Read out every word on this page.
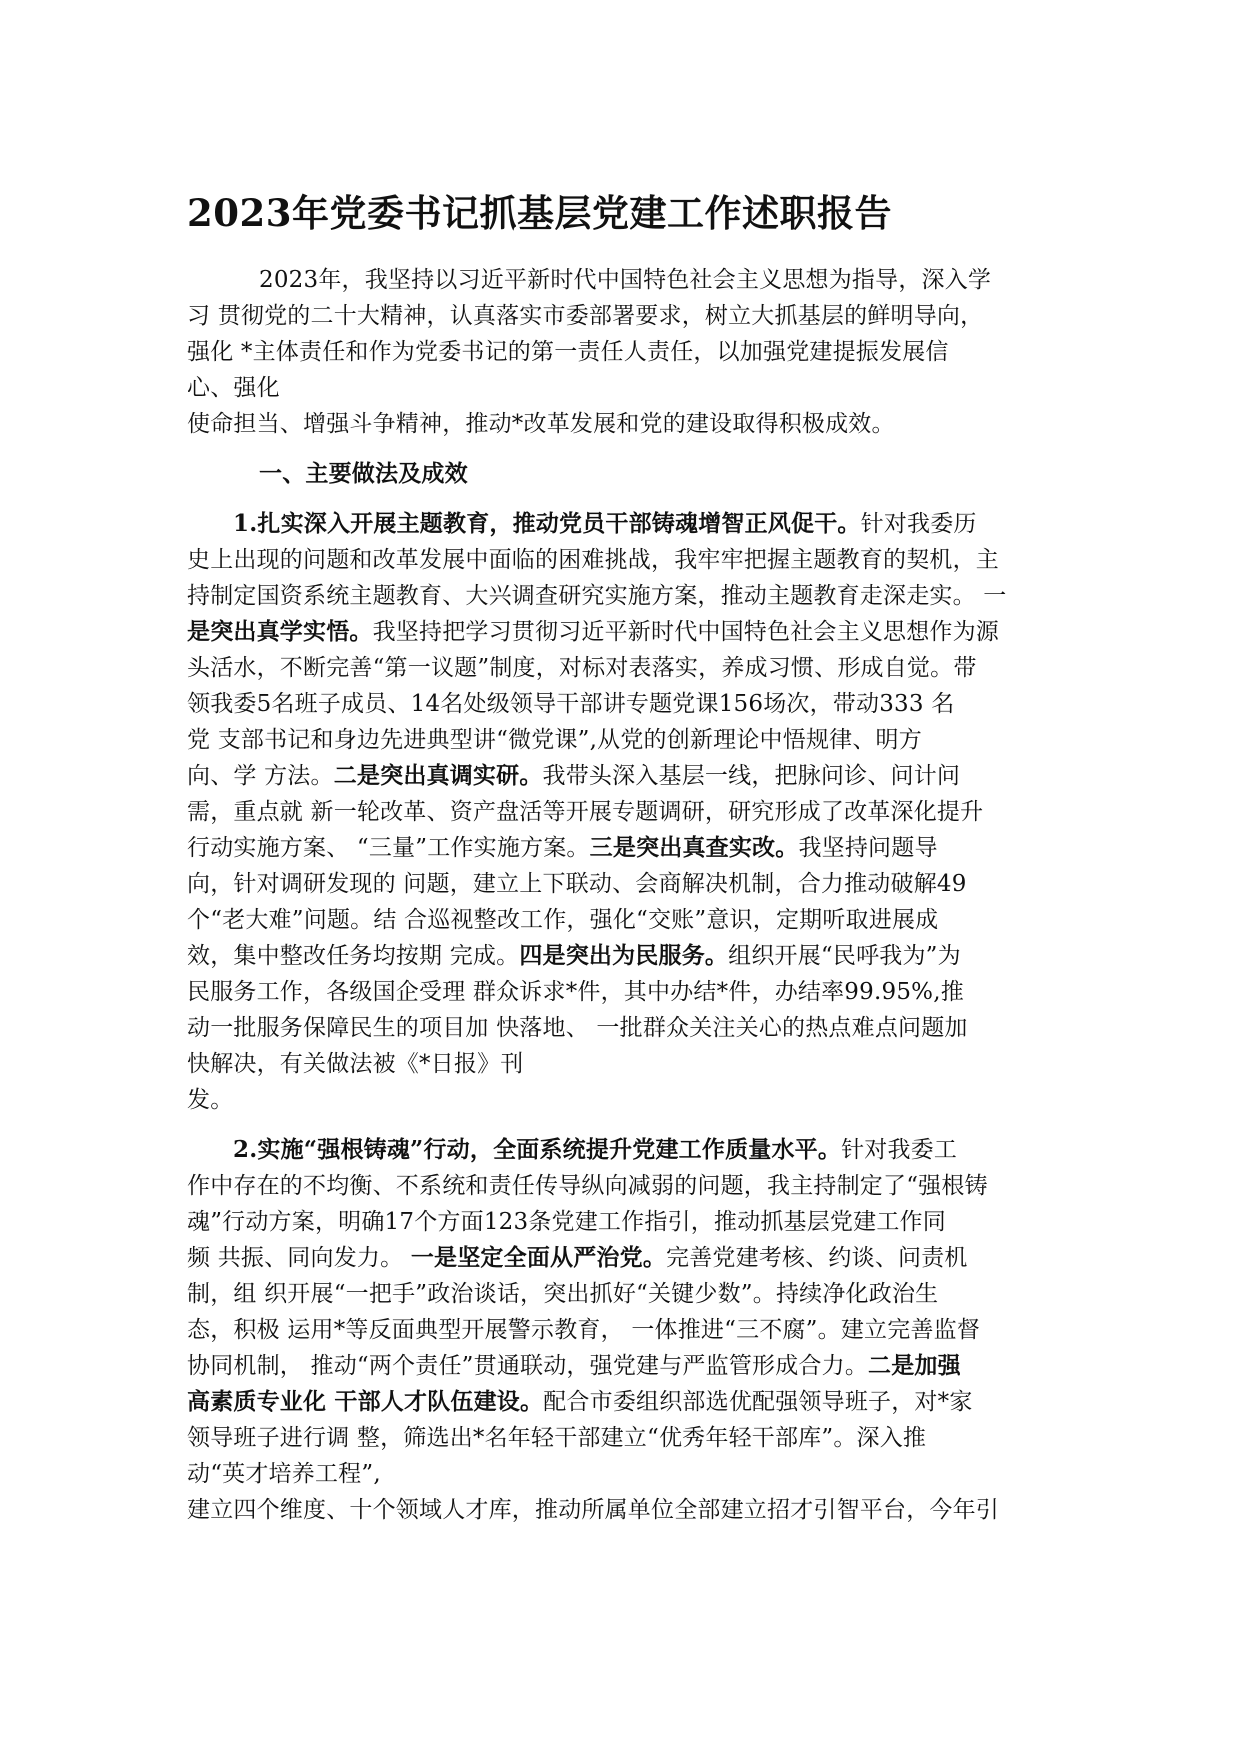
2023年党委书记抓基层党建工作述职报告
2023年，我坚持以习近平新时代中国特色社会主义思想为指导，深入学
习 贯彻党的二十大精神，认真落实市委部署要求，树立大抓基层的鲜明导向，
强化 *主体责任和作为党委书记的第一责任人责任，以加强党建提振发展信
心、强化
使命担当、增强斗争精神，推动*改革发展和党的建设取得积极成效。
一、主要做法及成效
1.扎实深入开展主题教育，推动党员干部铸魂增智正风促干。针对我委历
史上出现的问题和改革发展中面临的困难挑战，我牢牢把握主题教育的契机，主
持制定国资系统主题教育、大兴调查研究实施方案，推动主题教育走深走实。 一
是突出真学实悟。我坚持把学习贯彻习近平新时代中国特色社会主义思想作为源
头活水，不断完善“第一议题”制度，对标对表落实，养成习惯、形成自觉。带
领我委5名班子成员、14名处级领导干部讲专题党课156场次，带动333 名
党 支部书记和身边先进典型讲“微党课”,从党的创新理论中悟规律、明方
向、学 方法。二是突出真调实研。我带头深入基层一线，把脉问诊、问计问
需，重点就 新一轮改革、资产盘活等开展专题调研，研究形成了改革深化提升
行动实施方案、 “三量”工作实施方案。三是突出真查实改。我坚持问题导
向，针对调研发现的 问题，建立上下联动、会商解决机制，合力推动破解49
个“老大难”问题。结 合巡视整改工作，强化“交账”意识，定期听取进展成
效，集中整改任务均按期 完成。四是突出为民服务。组织开展“民呼我为”为
民服务工作，各级国企受理 群众诉求*件，其中办结*件，办结率99.95%,推
动一批服务保障民生的项目加 快落地、 一批群众关注关心的热点难点问题加
快解决，有关做法被《*日报》刊
发。
2.实施“强根铸魂”行动，全面系统提升党建工作质量水平。针对我委工
作中存在的不均衡、不系统和责任传导纵向减弱的问题，我主持制定了“强根铸
魂”行动方案，明确17个方面123条党建工作指引，推动抓基层党建工作同
频 共振、同向发力。 一是坚定全面从严治党。完善党建考核、约谈、问责机
制，组 织开展“一把手”政治谈话，突出抓好“关键少数”。持续净化政治生
态，积极 运用*等反面典型开展警示教育， 一体推进“三不腐”。建立完善监督
协同机制， 推动“两个责任”贯通联动，强党建与严监管形成合力。二是加强
高素质专业化 干部人才队伍建设。配合市委组织部选优配强领导班子，对*家
领导班子进行调 整，筛选出*名年轻干部建立“优秀年轻干部库”。深入推
动“英才培养工程”,
建立四个维度、十个领域人才库，推动所属单位全部建立招才引智平台，今年引
